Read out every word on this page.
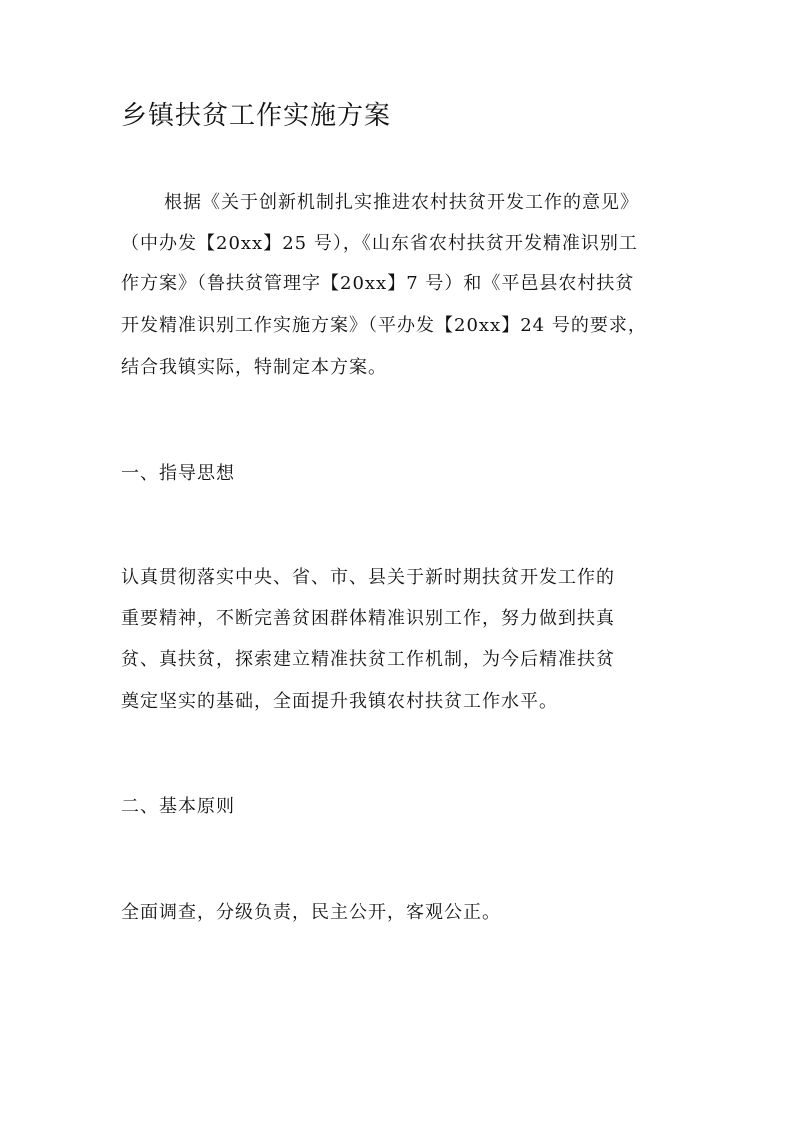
乡镇扶贫工作实施方案
根据《关于创新机制扎实推进农村扶贫开发工作的意见》
（中办发【20xx】25 号），《山东省农村扶贫开发精准识别工
作方案》（鲁扶贫管理字【20xx】7 号）和《平邑县农村扶贫
开发精准识别工作实施方案》（平办发【20xx】24 号的要求，
结合我镇实际，特制定本方案。
一、指导思想
认真贯彻落实中央、省、市、县关于新时期扶贫开发工作的
重要精神，不断完善贫困群体精准识别工作，努力做到扶真
贫、真扶贫，探索建立精准扶贫工作机制，为今后精准扶贫
奠定坚实的基础，全面提升我镇农村扶贫工作水平。
二、基本原则
全面调查，分级负责，民主公开，客观公正。
